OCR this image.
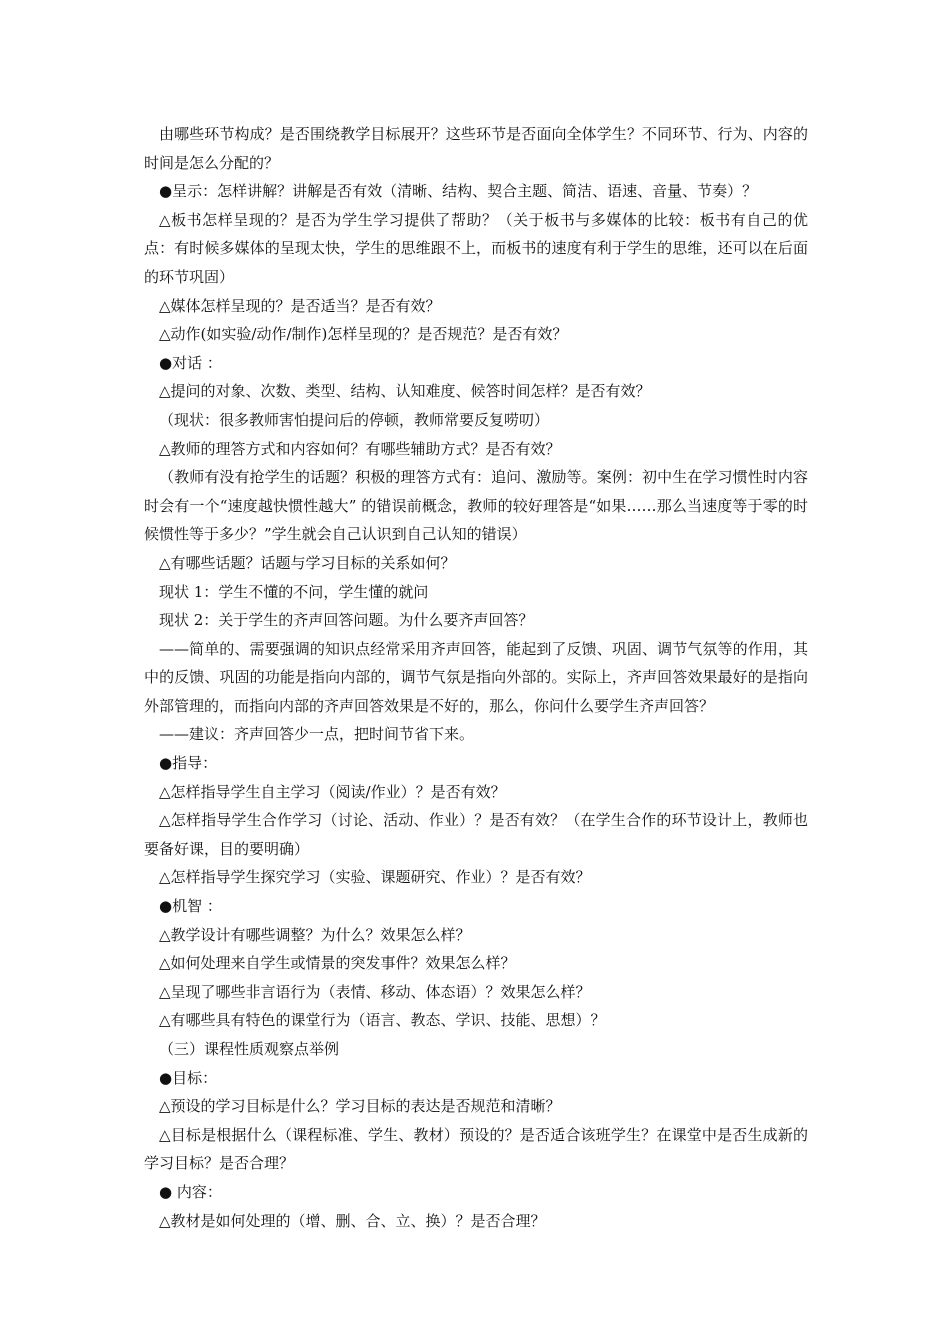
由哪些环节构成？是否围绕教学目标展开？这些环节是否面向全体学生？不同环节、行为、内容的时间是怎么分配的？

●呈示：怎样讲解？讲解是否有效（清晰、结构、契合主题、简洁、语速、音量、节奏）？

△板书怎样呈现的？是否为学生学习提供了帮助？（关于板书与多媒体的比较：板书有自己的优点：有时候多媒体的呈现太快，学生的思维跟不上，而板书的速度有利于学生的思维，还可以在后面的环节巩固）

△媒体怎样呈现的？是否适当？是否有效？

△动作(如实验/动作/制作)怎样呈现的？是否规范？是否有效？

●对话 ：

△提问的对象、次数、类型、结构、认知难度、候答时间怎样？是否有效？

（现状：很多教师害怕提问后的停顿，教师常要反复唠叨）

△教师的理答方式和内容如何？有哪些辅助方式？是否有效？

（教师有没有抢学生的话题？积极的理答方式有：追问、激励等。案例：初中生在学习惯性时内容时会有一个“速度越快惯性越大” 的错误前概念，教师的较好理答是“如果……那么当速度等于零的时候惯性等于多少？”学生就会自己认识到自己认知的错误）

△有哪些话题？话题与学习目标的关系如何？

现状 1：学生不懂的不问，学生懂的就问

现状 2：关于学生的齐声回答问题。为什么要齐声回答？

——简单的、需要强调的知识点经常采用齐声回答，能起到了反馈、巩固、调节气氛等的作用，其中的反馈、巩固的功能是指向内部的，调节气氛是指向外部的。实际上，齐声回答效果最好的是指向外部管理的，而指向内部的齐声回答效果是不好的，那么，你问什么要学生齐声回答？

——建议：齐声回答少一点，把时间节省下来。

●指导：

△怎样指导学生自主学习（阅读/作业）？是否有效？

△怎样指导学生合作学习（讨论、活动、作业）？是否有效？（在学生合作的环节设计上，教师也要备好课，目的要明确）

△怎样指导学生探究学习（实验、课题研究、作业）？是否有效？

●机智 ：

△教学设计有哪些调整？为什么？效果怎么样？

△如何处理来自学生或情景的突发事件？效果怎么样？

△呈现了哪些非言语行为（表情、移动、体态语）？效果怎么样？

△有哪些具有特色的课堂行为（语言、教态、学识、技能、思想）？

（三）课程性质观察点举例

●目标：

△预设的学习目标是什么？学习目标的表达是否规范和清晰？

△目标是根据什么（课程标准、学生、教材）预设的？是否适合该班学生？在课堂中是否生成新的学习目标？是否合理？

● 内容：

△教材是如何处理的（增、删、合、立、换）？是否合理？
